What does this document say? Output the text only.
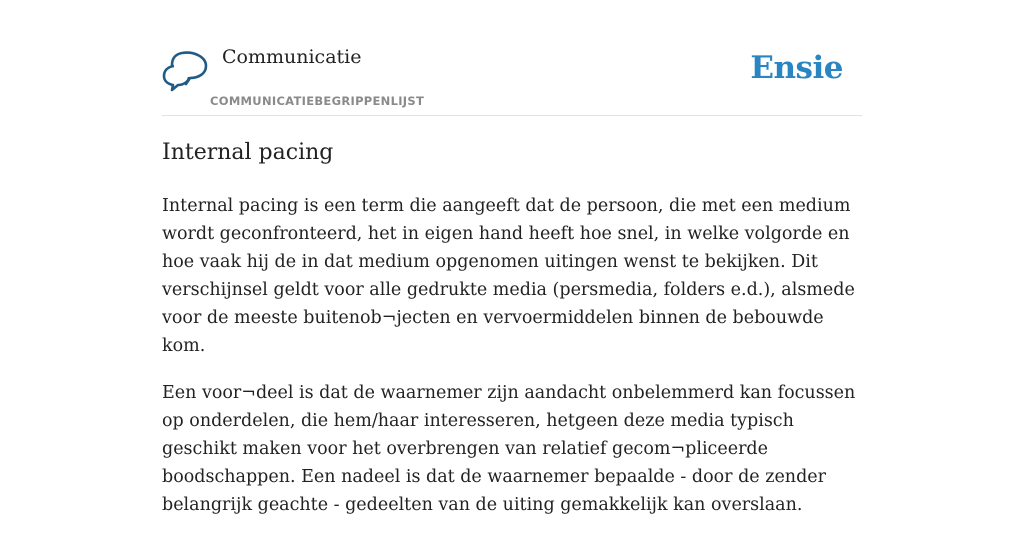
Communicatie
COMMUNICATIEBEGRIPPENLIJST
Ensie
Internal pacing

Internal pacing is een term die aangeeft dat de persoon, die met een medium wordt geconfronteerd, het in eigen hand heeft hoe snel, in welke volgorde en hoe vaak hij de in dat medium opgenomen uitingen wenst te bekijken. Dit verschijnsel geldt voor alle gedrukte media (persmedia, folders e.d.), alsmede voor de meeste buitenob¬jecten en vervoermiddelen binnen de bebouwde kom.

Een voor¬deel is dat de waarnemer zijn aandacht onbelemmerd kan focussen op onderdelen, die hem/haar interesseren, hetgeen deze media typisch geschikt maken voor het overbrengen van relatief gecom¬pliceerde boodschappen. Een nadeel is dat de waarnemer bepaalde - door de zender belangrijk geachte - gedeelten van de uiting gemakkelijk kan overslaan.
